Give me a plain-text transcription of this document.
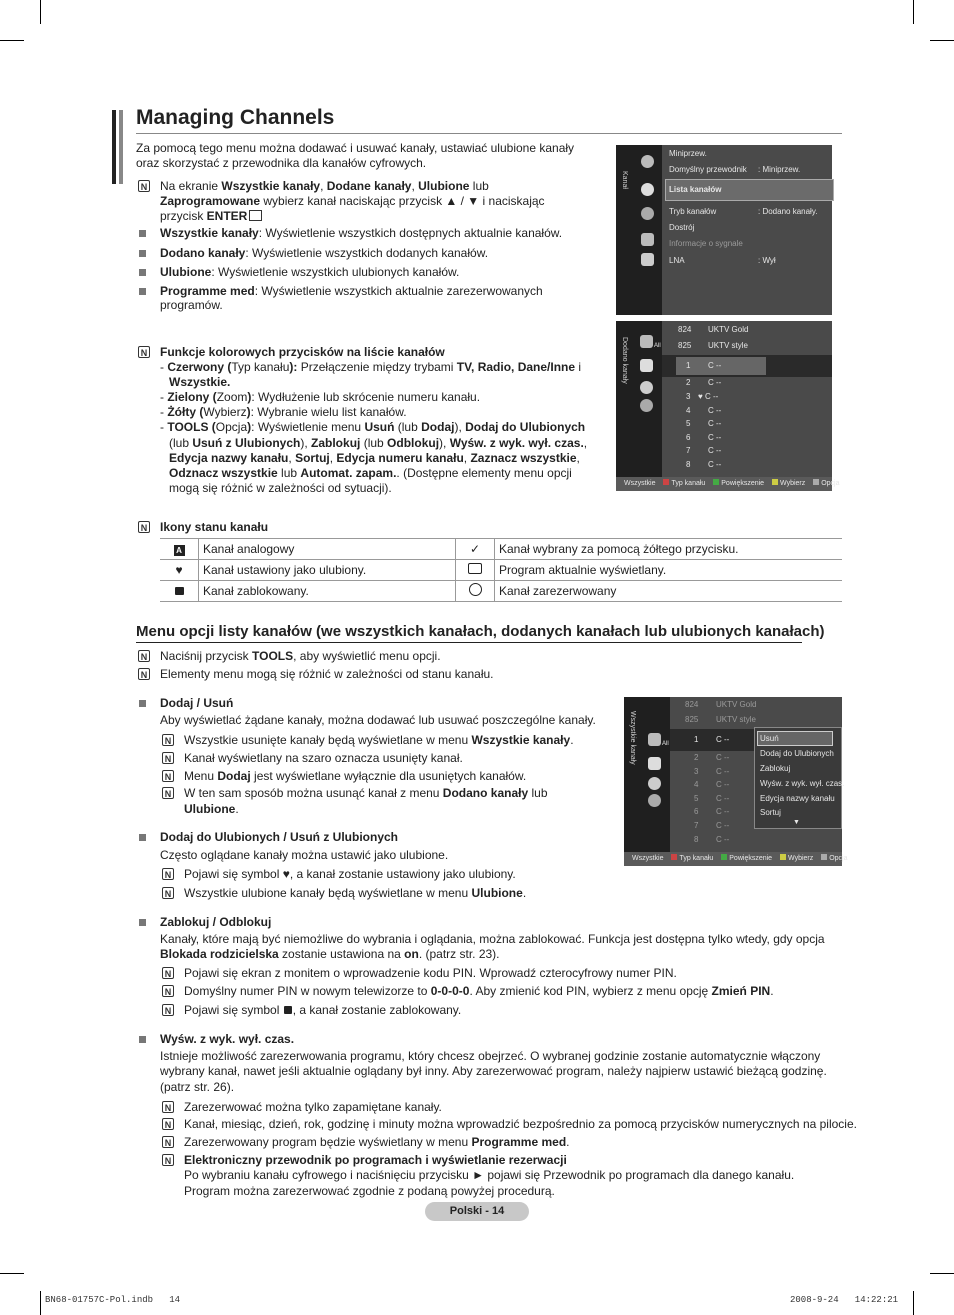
Managing Channels
Za pomocą tego menu można dodawać i usuwać kanały, ustawiać ulubione kanały oraz skorzystać z przewodnika dla kanałów cyfrowych.
N Na ekranie Wszystkie kanały, Dodane kanały, Ulubione lub
Zaprogramowane wybierz kanał naciskając przycisk ▲ / ▼ i naciskając
przycisk ENTER
Wszystkie kanały: Wyświetlenie wszystkich dostępnych aktualnie kanałów.
Dodano kanały: Wyświetlenie wszystkich dodanych kanałów.
Ulubione: Wyświetlenie wszystkich ulubionych kanałów.
Programme med: Wyświetlenie wszystkich aktualnie zarezerwowanych
programów.
Kanał
Miniprzew.
Domyślny przewodnik : Miniprzew.
Lista kanałów
Tryb kanałów	: Dodano kanały.
Dostrój
Informacje o sygnale
LNA	: Wył
N Funkcje kolorowych przycisków na liście kanałów
- Czerwony (Typ kanału): Przełączenie między trybami TV, Radio, Dane/Inne i
Wszystkie.
- Zielony (Zoom): Wydłużenie lub skrócenie numeru kanału.
- Żółty (Wybierz): Wybranie wielu list kanałów.
- TOOLS (Opcja): Wyświetlenie menu Usuń (lub Dodaj), Dodaj do Ulubionych
(lub Usuń z Ulubionych), Zablokuj (lub Odblokuj), Wyśw. z wyk. wył. czas.,
Edycja nazwy kanału, Sortuj, Edycja numeru kanału, Zaznacz wszystkie,
Odznacz wszystkie lub Automat. zapam.. (Dostępne elementy menu opcji
mogą się różnić w zależności od sytuacji).
Dodano kanały	All
824 UKTV Gold
825 UKTV style
1 C --
2 C --
3 ♥ C --
4 C --
5 C --
6 C --
7 C --
8 C --
Wszystkie Typ kanału Powiększenie Wybierz Opcja
N Ikony stanu kanału
A	Kanał analogowy	✓	Kanał wybrany za pomocą żółtego przycisku.
♥	Kanał ustawiony jako ulubiony.		Program aktualnie wyświetlany.
	Kanał zablokowany.		Kanał zarezerwowany
Menu opcji listy kanałów (we wszystkich kanałach, dodanych kanałach lub ulubionych kanałach)
N Naciśnij przycisk TOOLS, aby wyświetlić menu opcji.
N Elementy menu mogą się różnić w zależności od stanu kanału.
Dodaj / Usuń
Aby wyświetlać żądane kanały, można dodawać lub usuwać poszczególne kanały.
N Wszystkie usunięte kanały będą wyświetlane w menu Wszystkie kanały.
N Kanał wyświetlany na szaro oznacza usunięty kanał.
N Menu Dodaj jest wyświetlane wyłącznie dla usuniętych kanałów.
N W ten sam sposób można usunąć kanał z menu Dodano kanały lub
Ulubione.
Wszystkie kanały	All
824 UKTV Gold
825 UKTV style
1 C --
2 C --
3 C --
4 C --
5 C --
6 C --
7 C --
8 C --
Usuń
Dodaj do Ulubionych
Zablokuj
Wyśw. z wyk. wył. czas.
Edycja nazwy kanału
Sortuj
▼
Wszystkie Typ kanału Powiększenie Wybierz Opcja
Dodaj do Ulubionych / Usuń z Ulubionych
Często oglądane kanały można ustawić jako ulubione.
N Pojawi się symbol ♥, a kanał zostanie ustawiony jako ulubiony.
N Wszystkie ulubione kanały będą wyświetlane w menu Ulubione.
Zablokuj / Odblokuj
Kanały, które mają być niemożliwe do wybrania i oglądania, można zablokować. Funkcja jest dostępna tylko wtedy, gdy opcja
Blokada rodzicielska zostanie ustawiona na on. (patrz str. 23).
N Pojawi się ekran z monitem o wprowadzenie kodu PIN. Wprowadź czterocyfrowy numer PIN.
N Domyślny numer PIN w nowym telewizorze to 0-0-0-0. Aby zmienić kod PIN, wybierz z menu opcję Zmień PIN.
N Pojawi się symbol , a kanał zostanie zablokowany.
Wyśw. z wyk. wył. czas.
Istnieje możliwość zarezerwowania programu, który chcesz obejrzeć. O wybranej godzinie zostanie automatycznie włączony
wybrany kanał, nawet jeśli aktualnie oglądany był inny. Aby zarezerwować program, należy najpierw ustawić bieżącą godzinę.
(patrz str. 26).
N Zarezerwować można tylko zapamiętane kanały.
N Kanał, miesiąc, dzień, rok, godzinę i minuty można wprowadzić bezpośrednio za pomocą przycisków numerycznych na pilocie.
N Zarezerwowany program będzie wyświetlany w menu Programme med.
N Elektroniczny przewodnik po programach i wyświetlanie rezerwacji
Po wybraniu kanału cyfrowego i naciśnięciu przycisku ► pojawi się Przewodnik po programach dla danego kanału.
Program można zarezerwować zgodnie z podaną powyżej procedurą.
Polski - 14
BN68-01757C-Pol.indb   14	2008-9-24   14:22:21
